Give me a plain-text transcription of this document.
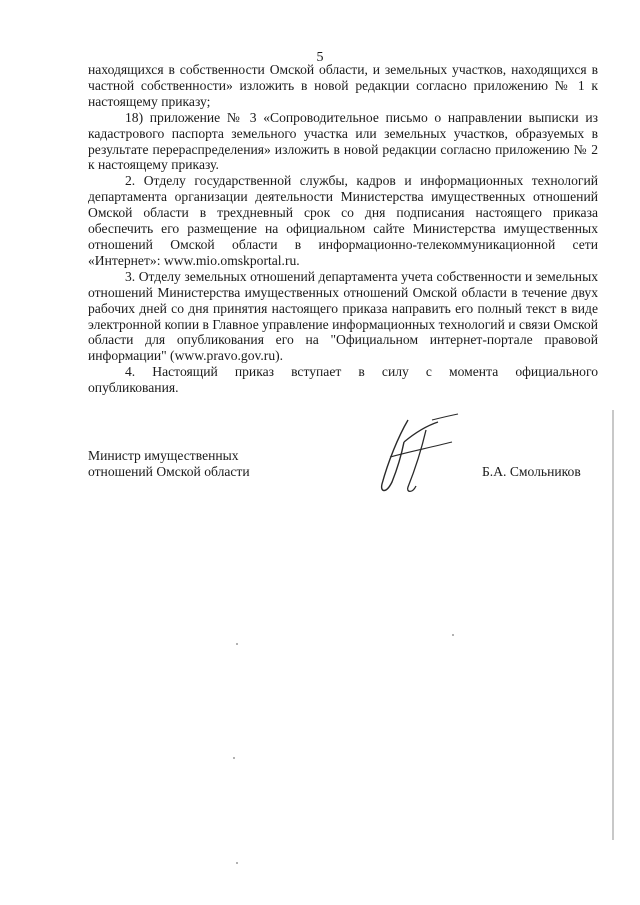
5

находящихся в собственности Омской области, и земельных участков, находящихся в частной собственности» изложить в новой редакции согласно приложению № 1 к настоящему приказу;

18) приложение № 3 «Сопроводительное письмо о направлении выписки из кадастрового паспорта земельного участка или земельных участков, образуемых в результате перераспределения» изложить в новой редакции согласно приложению № 2 к настоящему приказу.

2. Отделу государственной службы, кадров и информационных технологий департамента организации деятельности Министерства имущественных отношений Омской области в трехдневный срок со дня подписания настоящего приказа обеспечить его размещение на официальном сайте Министерства имущественных отношений Омской области в информационно-телекоммуникационной сети «Интернет»: www.mio.omskportal.ru.

3. Отделу земельных отношений департамента учета собственности и земельных отношений Министерства имущественных отношений Омской области в течение двух рабочих дней со дня принятия настоящего приказа направить его полный текст в виде электронной копии в Главное управление информационных технологий и связи Омской области для опубликования его на "Официальном интернет-портале правовой информации" (www.pravo.gov.ru).

4. Настоящий приказ вступает в силу с момента официального опубликования.

Министр имущественных
отношений Омской области	Б.А. Смольников
